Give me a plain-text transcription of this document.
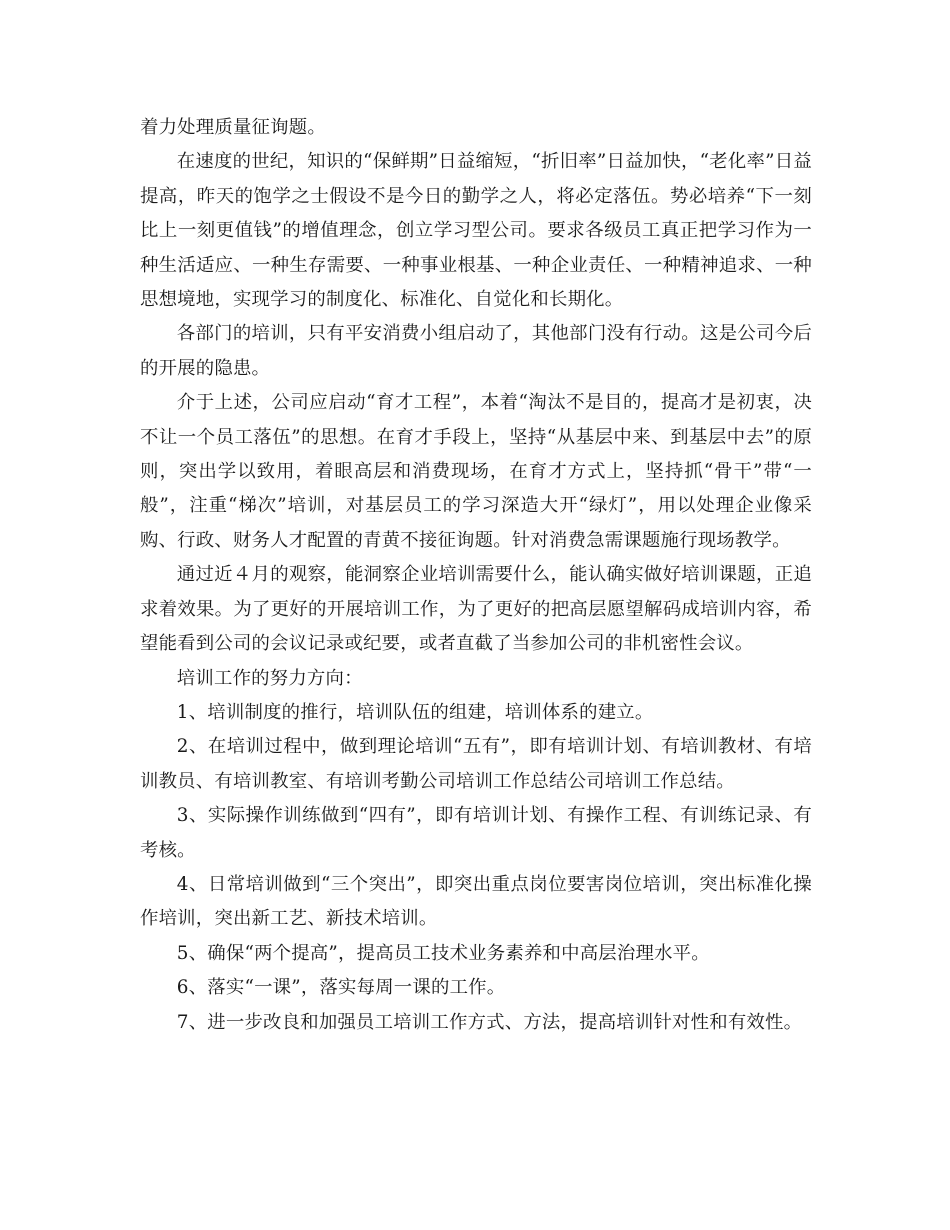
着力处理质量征询题。

在速度的世纪，知识的“保鲜期”日益缩短，“折旧率”日益加快，“老化率”日益提高，昨天的饱学之士假设不是今日的勤学之人，将必定落伍。势必培养“下一刻比上一刻更值钱”的增值理念，创立学习型公司。要求各级员工真正把学习作为一种生活适应、一种生存需要、一种事业根基、一种企业责任、一种精神追求、一种思想境地，实现学习的制度化、标准化、自觉化和长期化。

各部门的培训，只有平安消费小组启动了，其他部门没有行动。这是公司今后的开展的隐患。

介于上述，公司应启动“育才工程”，本着“淘汰不是目的，提高才是初衷，决不让一个员工落伍”的思想。在育才手段上，坚持“从基层中来、到基层中去”的原则，突出学以致用，着眼高层和消费现场，在育才方式上，坚持抓“骨干”带“一般”，注重“梯次”培训，对基层员工的学习深造大开“绿灯”，用以处理企业像采购、行政、财务人才配置的青黄不接征询题。针对消费急需课题施行现场教学。

通过近４月的观察，能洞察企业培训需要什么，能认确实做好培训课题，正追求着效果。为了更好的开展培训工作，为了更好的把高层愿望解码成培训内容，希望能看到公司的会议记录或纪要，或者直截了当参加公司的非机密性会议。

培训工作的努力方向：

1、培训制度的推行，培训队伍的组建，培训体系的建立。

2、在培训过程中，做到理论培训“五有”，即有培训计划、有培训教材、有培训教员、有培训教室、有培训考勤公司培训工作总结公司培训工作总结。

3、实际操作训练做到“四有”，即有培训计划、有操作工程、有训练记录、有考核。

4、日常培训做到“三个突出”，即突出重点岗位要害岗位培训，突出标准化操作培训，突出新工艺、新技术培训。

5、确保“两个提高”，提高员工技术业务素养和中高层治理水平。

6、落实“一课”，落实每周一课的工作。

7、进一步改良和加强员工培训工作方式、方法，提高培训针对性和有效性。
